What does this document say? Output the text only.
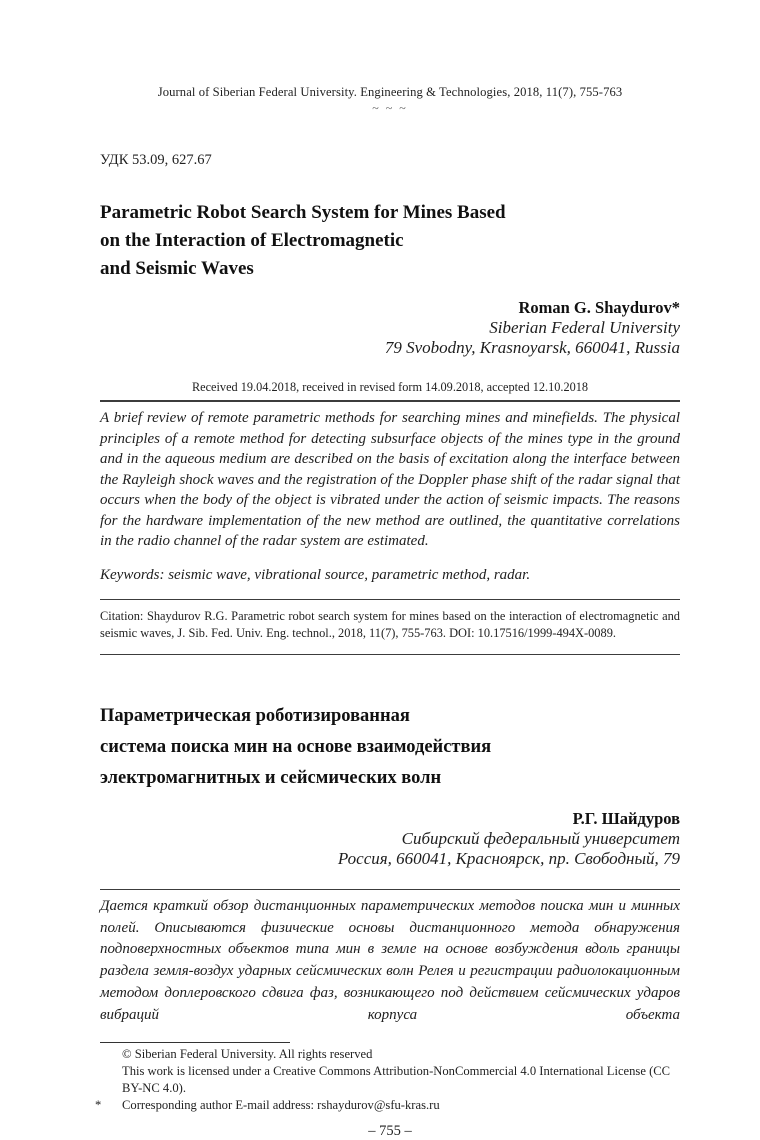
Journal of Siberian Federal University. Engineering & Technologies, 2018, 11(7), 755-763
~ ~ ~
УДК 53.09, 627.67
Parametric Robot Search System for Mines Based
on the Interaction of Electromagnetic
and Seismic Waves
Roman G. Shaydurov*
Siberian Federal University
79 Svobodny, Krasnoyarsk, 660041, Russia
Received 19.04.2018, received in revised form 14.09.2018, accepted 12.10.2018

A brief review of remote parametric methods for searching mines and minefields. The physical principles of a remote method for detecting subsurface objects of the mines type in the ground and in the aqueous medium are described on the basis of excitation along the interface between the Rayleigh shock waves and the registration of the Doppler phase shift of the radar signal that occurs when the body of the object is vibrated under the action of seismic impacts. The reasons for the hardware implementation of the new method are outlined, the quantitative correlations in the radio channel of the radar system are estimated.

Keywords: seismic wave, vibrational source, parametric method, radar.

Citation: Shaydurov R.G. Parametric robot search system for mines based on the interaction of electromagnetic and seismic waves, J. Sib. Fed. Univ. Eng. technol., 2018, 11(7), 755-763. DOI: 10.17516/1999-494X-0089.

Параметрическая роботизированная
система поиска мин на основе взаимодействия
электромагнитных и сейсмических волн
Р.Г. Шайдуров
Сибирский федеральный университет
Россия, 660041, Красноярск, пр. Свободный, 79

Дается краткий обзор дистанционных параметрических методов поиска мин и минных полей. Описываются физические основы дистанционного метода обнаружения подповерхностных объектов типа мин в земле на основе возбуждения вдоль границы раздела земля-воздух ударных сейсмических волн Релея и регистрации радиолокационным методом доплеровского сдвига фаз, возникающего под действием сейсмических ударов вибраций корпуса объекта

© Siberian Federal University. All rights reserved
This work is licensed under a Creative Commons Attribution-NonCommercial 4.0 International License (CC BY-NC 4.0).
* Corresponding author E-mail address: rshaydurov@sfu-kras.ru
– 755 –
